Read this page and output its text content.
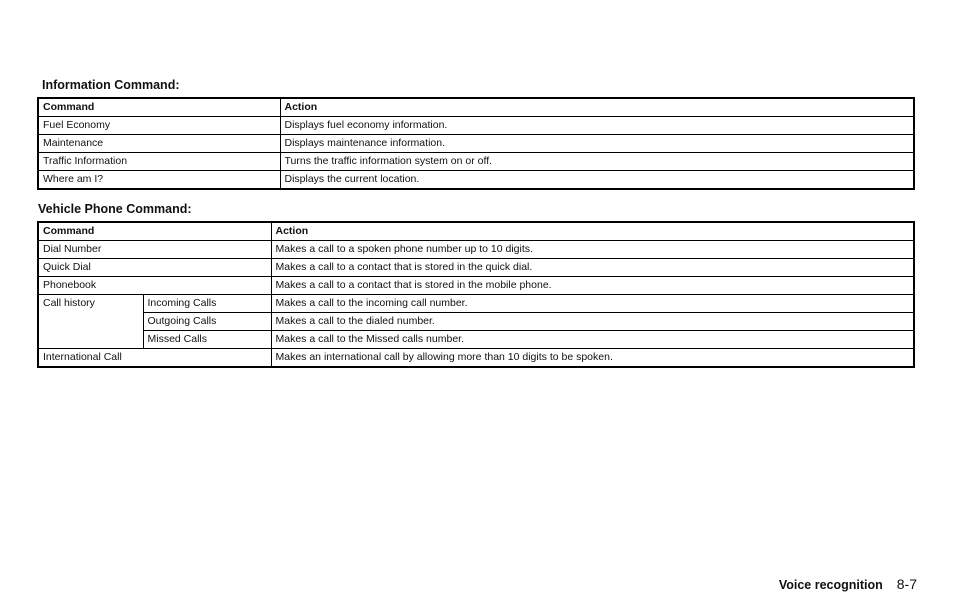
Information Command:
Command	Action
Fuel Economy	Displays fuel economy information.
Maintenance	Displays maintenance information.
Traffic Information	Turns the traffic information system on or off.
Where am I?	Displays the current location.
Vehicle Phone Command:
Command		Action
Dial Number		Makes a call to a spoken phone number up to 10 digits.
Quick Dial		Makes a call to a contact that is stored in the quick dial.
Phonebook		Makes a call to a contact that is stored in the mobile phone.
Call history	Incoming Calls	Makes a call to the incoming call number.
	Outgoing Calls	Makes a call to the dialed number.
	Missed Calls	Makes a call to the Missed calls number.
International Call		Makes an international call by allowing more than 10 digits to be spoken.
Voice recognition 8-7
